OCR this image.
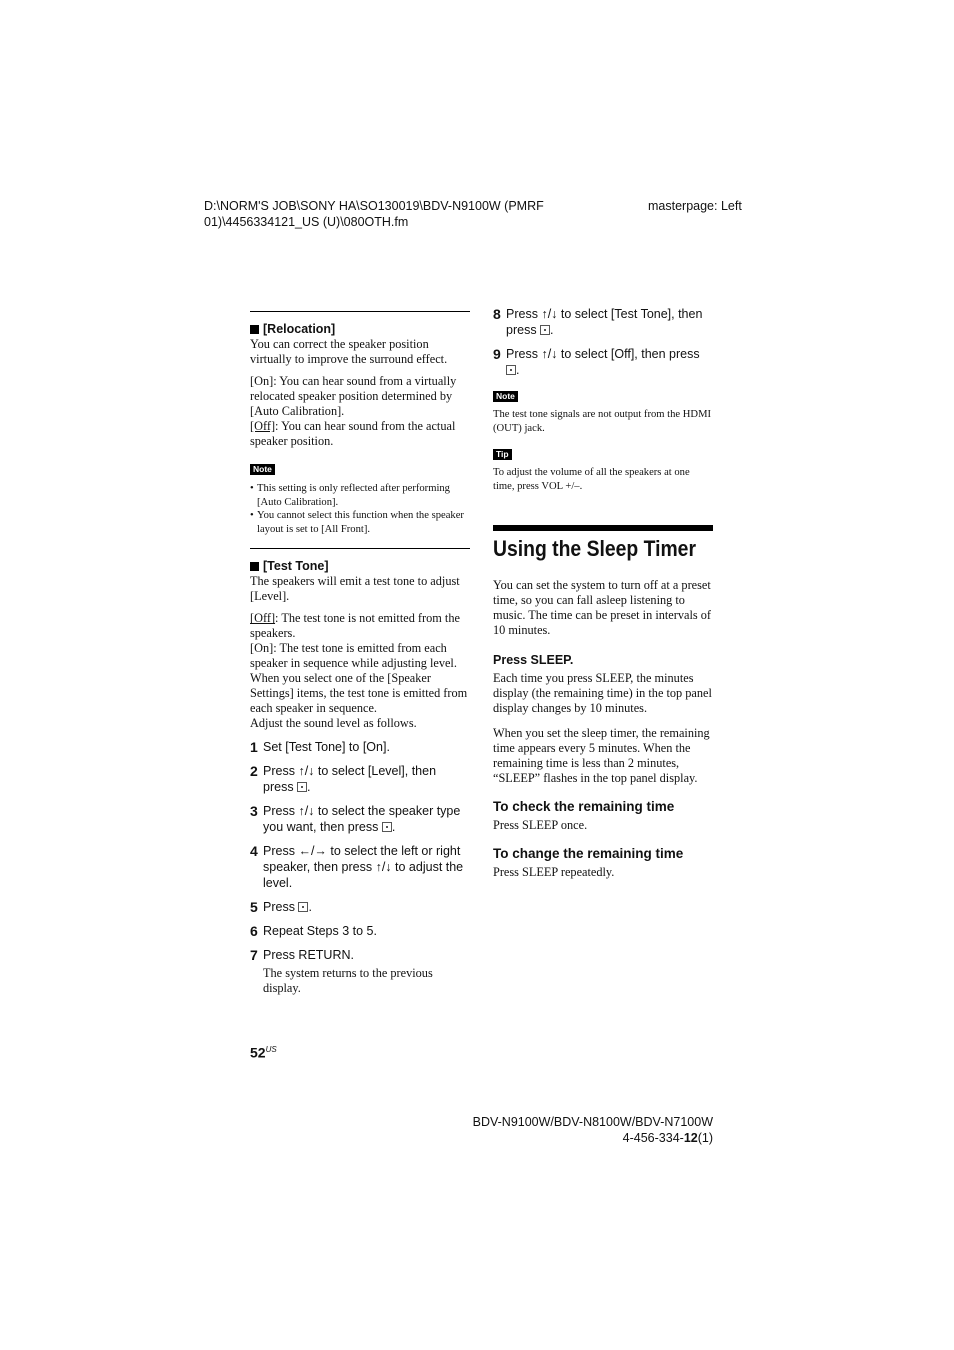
D:\NORM'S JOB\SONY HA\SO130019\BDV-N9100W (PMRF
01)\4456334121_US (U)\080OTH.fm
masterpage: Left
[Relocation]

You can correct the speaker position virtually to improve the surround effect.

[On]: You can hear sound from a virtually relocated speaker position determined by [Auto Calibration].

[Off]: You can hear sound from the actual speaker position.

Note
• This setting is only reflected after performing [Auto Calibration].
• You cannot select this function when the speaker layout is set to [All Front].
[Test Tone]

The speakers will emit a test tone to adjust [Level].

[Off]: The test tone is not emitted from the speakers.

[On]: The test tone is emitted from each speaker in sequence while adjusting level. When you select one of the [Speaker Settings] items, the test tone is emitted from each speaker in sequence.

Adjust the sound level as follows.

1 Set [Test Tone] to [On].
2 Press ↑/↓ to select [Level], then press .
3 Press ↑/↓ to select the speaker type you want, then press .
4 Press ←/→ to select the left or right speaker, then press ↑/↓ to adjust the level.
5 Press .
6 Repeat Steps 3 to 5.
7 Press RETURN.

The system returns to the previous display.

8 Press ↑/↓ to select [Test Tone], then press .
9 Press ↑/↓ to select [Off], then press .
Note

The test tone signals are not output from the HDMI (OUT) jack.

Tip

To adjust the volume of all the speakers at one time, press VOL +/–.

Using the Sleep Timer

You can set the system to turn off at a preset time, so you can fall asleep listening to music. The time can be preset in intervals of 10 minutes.

Press SLEEP.

Each time you press SLEEP, the minutes display (the remaining time) in the top panel display changes by 10 minutes.

When you set the sleep timer, the remaining time appears every 5 minutes. When the remaining time is less than 2 minutes, “SLEEP” flashes in the top panel display.

To check the remaining time

Press SLEEP once.

To change the remaining time

Press SLEEP repeatedly.

$52^{US}$
BDV-N9100W/BDV-N8100W/BDV-N7100W
4-456-334-12(1)
